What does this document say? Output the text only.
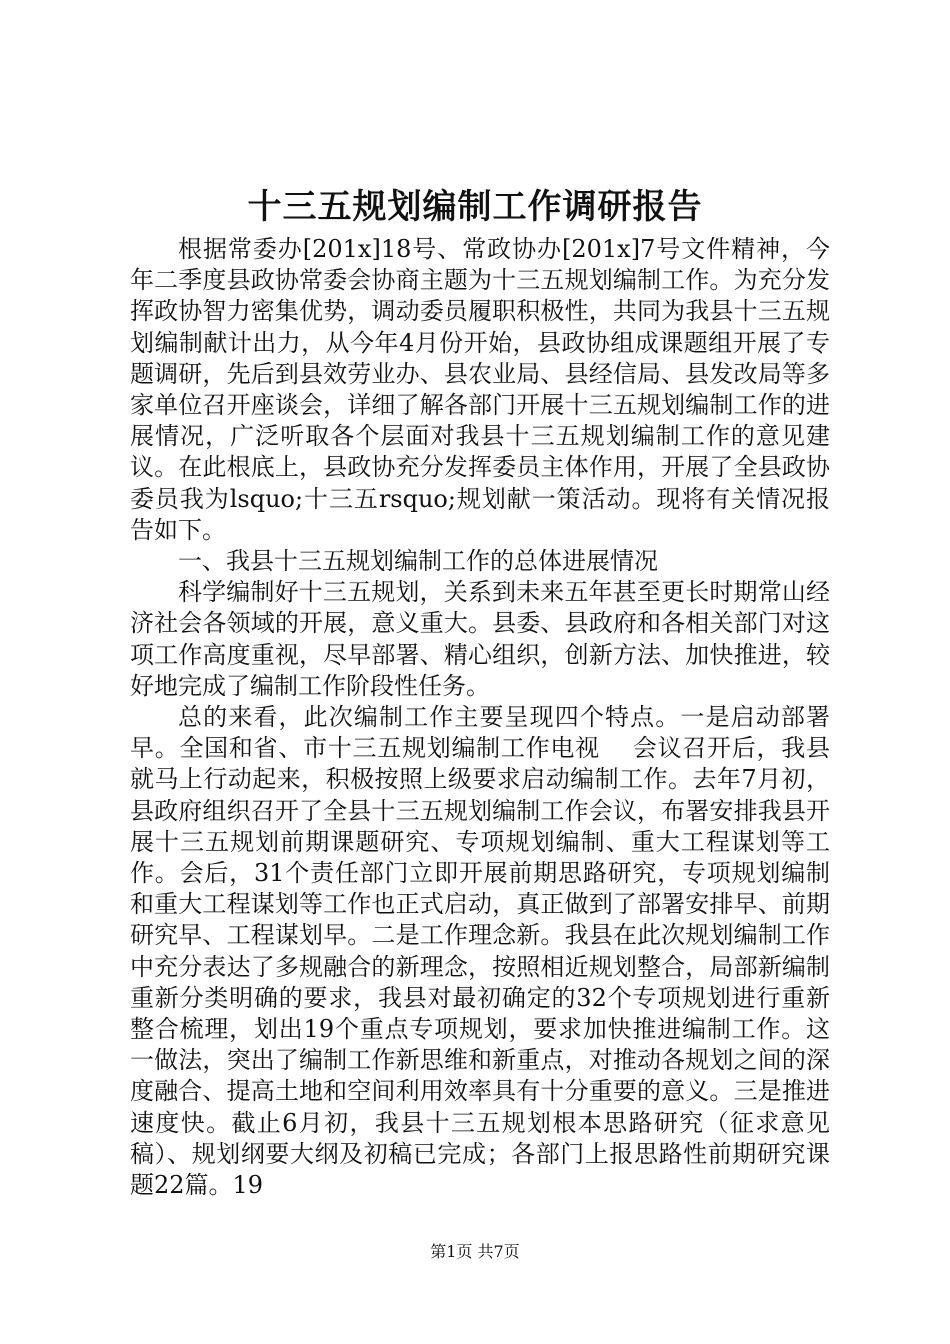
十三五规划编制工作调研报告

根据常委办[201x]18号、常政协办[201x]7号文件精神，今年二季度县政协常委会协商主题为十三五规划编制工作。为充分发挥政协智力密集优势，调动委员履职积极性，共同为我县十三五规划编制献计出力，从今年4月份开始，县政协组成课题组开展了专题调研，先后到县效劳业办、县农业局、县经信局、县发改局等多家单位召开座谈会，详细了解各部门开展十三五规划编制工作的进展情况，广泛听取各个层面对我县十三五规划编制工作的意见建议。在此根底上，县政协充分发挥委员主体作用，开展了全县政协委员我为lsquo;十三五rsquo;规划献一策活动。现将有关情况报告如下。

一、我县十三五规划编制工作的总体进展情况

科学编制好十三五规划，关系到未来五年甚至更长时期常山经济社会各领域的开展，意义重大。县委、县政府和各相关部门对这项工作高度重视，尽早部署、精心组织，创新方法、加快推进，较好地完成了编制工作阶段性任务。

总的来看，此次编制工作主要呈现四个特点。一是启动部署早。全国和省、市十三五规划编制工作电视　 会议召开后，我县就马上行动起来，积极按照上级要求启动编制工作。去年7月初，县政府组织召开了全县十三五规划编制工作会议，布署安排我县开展十三五规划前期课题研究、专项规划编制、重大工程谋划等工作。会后，31个责任部门立即开展前期思路研究，专项规划编制和重大工程谋划等工作也正式启动，真正做到了部署安排早、前期研究早、工程谋划早。二是工作理念新。我县在此次规划编制工作中充分表达了多规融合的新理念，按照相近规划整合，局部新编制重新分类明确的要求，我县对最初确定的32个专项规划进行重新整合梳理，划出19个重点专项规划，要求加快推进编制工作。这一做法，突出了编制工作新思维和新重点，对推动各规划之间的深度融合、提高土地和空间利用效率具有十分重要的意义。三是推进速度快。截止6月初，我县十三五规划根本思路研究（征求意见稿）、规划纲要大纲及初稿已完成；各部门上报思路性前期研究课题22篇。19

第1页 共7页
